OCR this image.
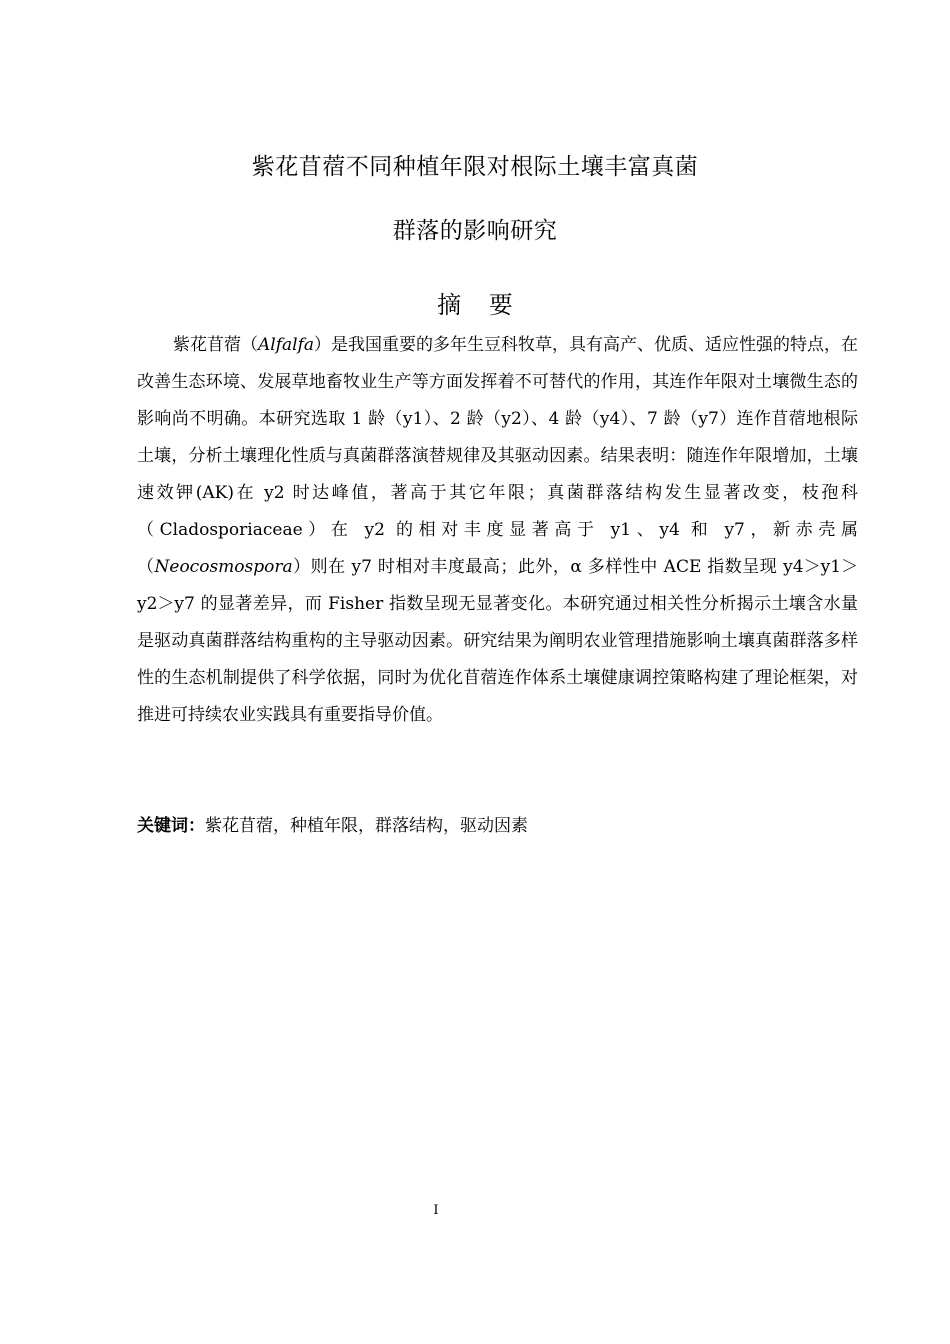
紫花苜蓿不同种植年限对根际土壤丰富真菌
群落的影响研究
摘 要

紫花苜蓿（Alfalfa）是我国重要的多年生豆科牧草，具有高产、优质、适应性强的特点，在改善生态环境、发展草地畜牧业生产等方面发挥着不可替代的作用，其连作年限对土壤微生态的影响尚不明确。本研究选取 1 龄（y1）、2 龄（y2）、4 龄（y4）、7 龄（y7）连作苜蓿地根际土壤，分析土壤理化性质与真菌群落演替规律及其驱动因素。结果表明：随连作年限增加，土壤速效钾(AK)在 y2 时达峰值，著高于其它年限；真菌群落结构发生显著改变，枝孢科（Cladosporiaceae）在 y2 的相对丰度显著高于 y1、y4 和 y7，新赤壳属（Neocosmospora）则在 y7 时相对丰度最高；此外，α 多样性中 ACE 指数呈现 y4＞y1＞y2＞y7 的显著差异，而 Fisher 指数呈现无显著变化。本研究通过相关性分析揭示土壤含水量是驱动真菌群落结构重构的主导驱动因素。研究结果为阐明农业管理措施影响土壤真菌群落多样性的生态机制提供了科学依据，同时为优化苜蓿连作体系土壤健康调控策略构建了理论框架，对推进可持续农业实践具有重要指导价值。

关键词：紫花苜蓿，种植年限，群落结构，驱动因素
I
